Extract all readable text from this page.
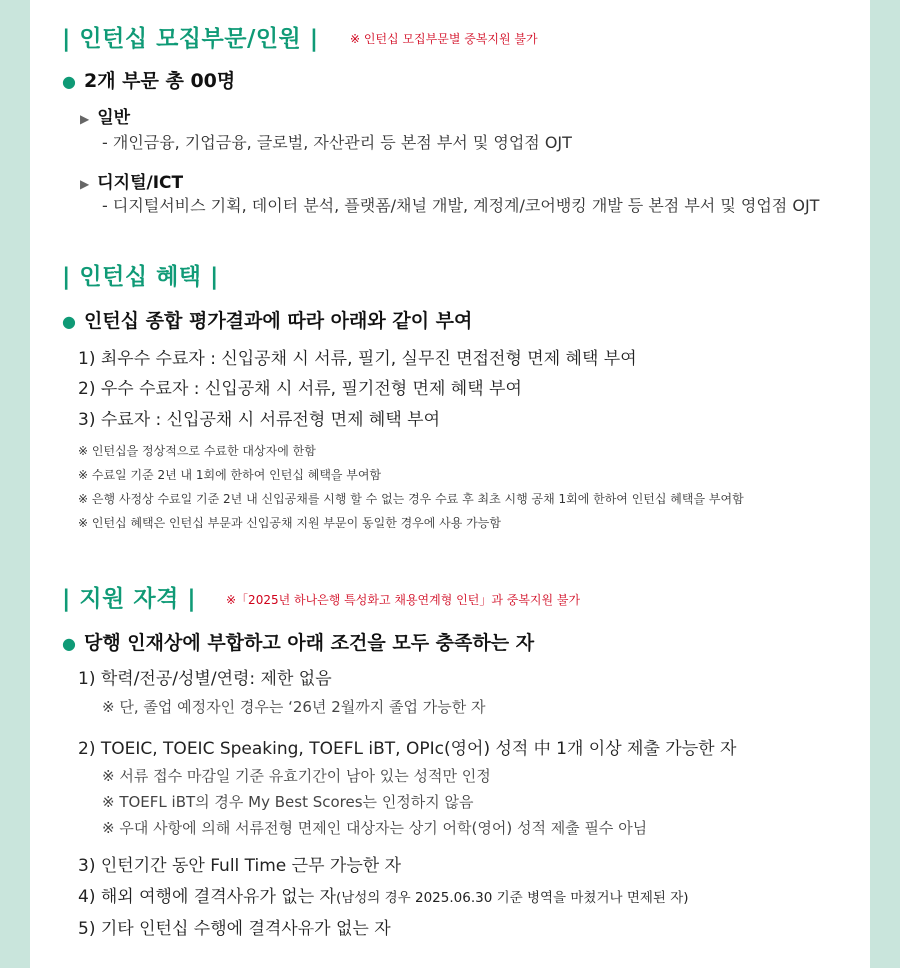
| 인턴십 모집부문/인원 |	※ 인턴십 모집부문별 중복지원 불가
● 2개 부문 총 00명
▶ 일반
- 개인금융, 기업금융, 글로벌, 자산관리 등 본점 부서 및 영업점 OJT
▶ 디지털/ICT
- 디지털서비스 기획, 데이터 분석, 플랫폼/채널 개발, 계정계/코어뱅킹 개발 등 본점 부서 및 영업점 OJT
| 인턴십 혜택 |
● 인턴십 종합 평가결과에 따라 아래와 같이 부여
1) 최우수 수료자 : 신입공채 시 서류, 필기, 실무진 면접전형 면제 혜택 부여
2) 우수 수료자 : 신입공채 시 서류, 필기전형 면제 혜택 부여
3) 수료자 : 신입공채 시 서류전형 면제 혜택 부여
※ 인턴십을 정상적으로 수료한 대상자에 한함
※ 수료일 기준 2년 내 1회에 한하여 인턴십 혜택을 부여함
※ 은행 사정상 수료일 기준 2년 내 신입공채를 시행 할 수 없는 경우 수료 후 최초 시행 공채 1회에 한하여 인턴십 혜택을 부여함
※ 인턴십 혜택은 인턴십 부문과 신입공채 지원 부문이 동일한 경우에 사용 가능함
| 지원 자격 | ※「2025년 하나은행 특성화고 채용연계형 인턴」과 중복지원 불가
● 당행 인재상에 부합하고 아래 조건을 모두 충족하는 자
1) 학력/전공/성별/연령: 제한 없음
※ 단, 졸업 예정자인 경우는 ‘26년 2월까지 졸업 가능한 자
2) TOEIC, TOEIC Speaking, TOEFL iBT, OPIc(영어) 성적 中 1개 이상 제출 가능한 자
※ 서류 접수 마감일 기준 유효기간이 남아 있는 성적만 인정
※ TOEFL iBT의 경우 My Best Scores는 인정하지 않음
※ 우대 사항에 의해 서류전형 면제인 대상자는 상기 어학(영어) 성적 제출 필수 아님
3) 인턴기간 동안 Full Time 근무 가능한 자
4) 해외 여행에 결격사유가 없는 자(남성의 경우 2025.06.30 기준 병역을 마쳤거나 면제된 자)
5) 기타 인턴십 수행에 결격사유가 없는 자
